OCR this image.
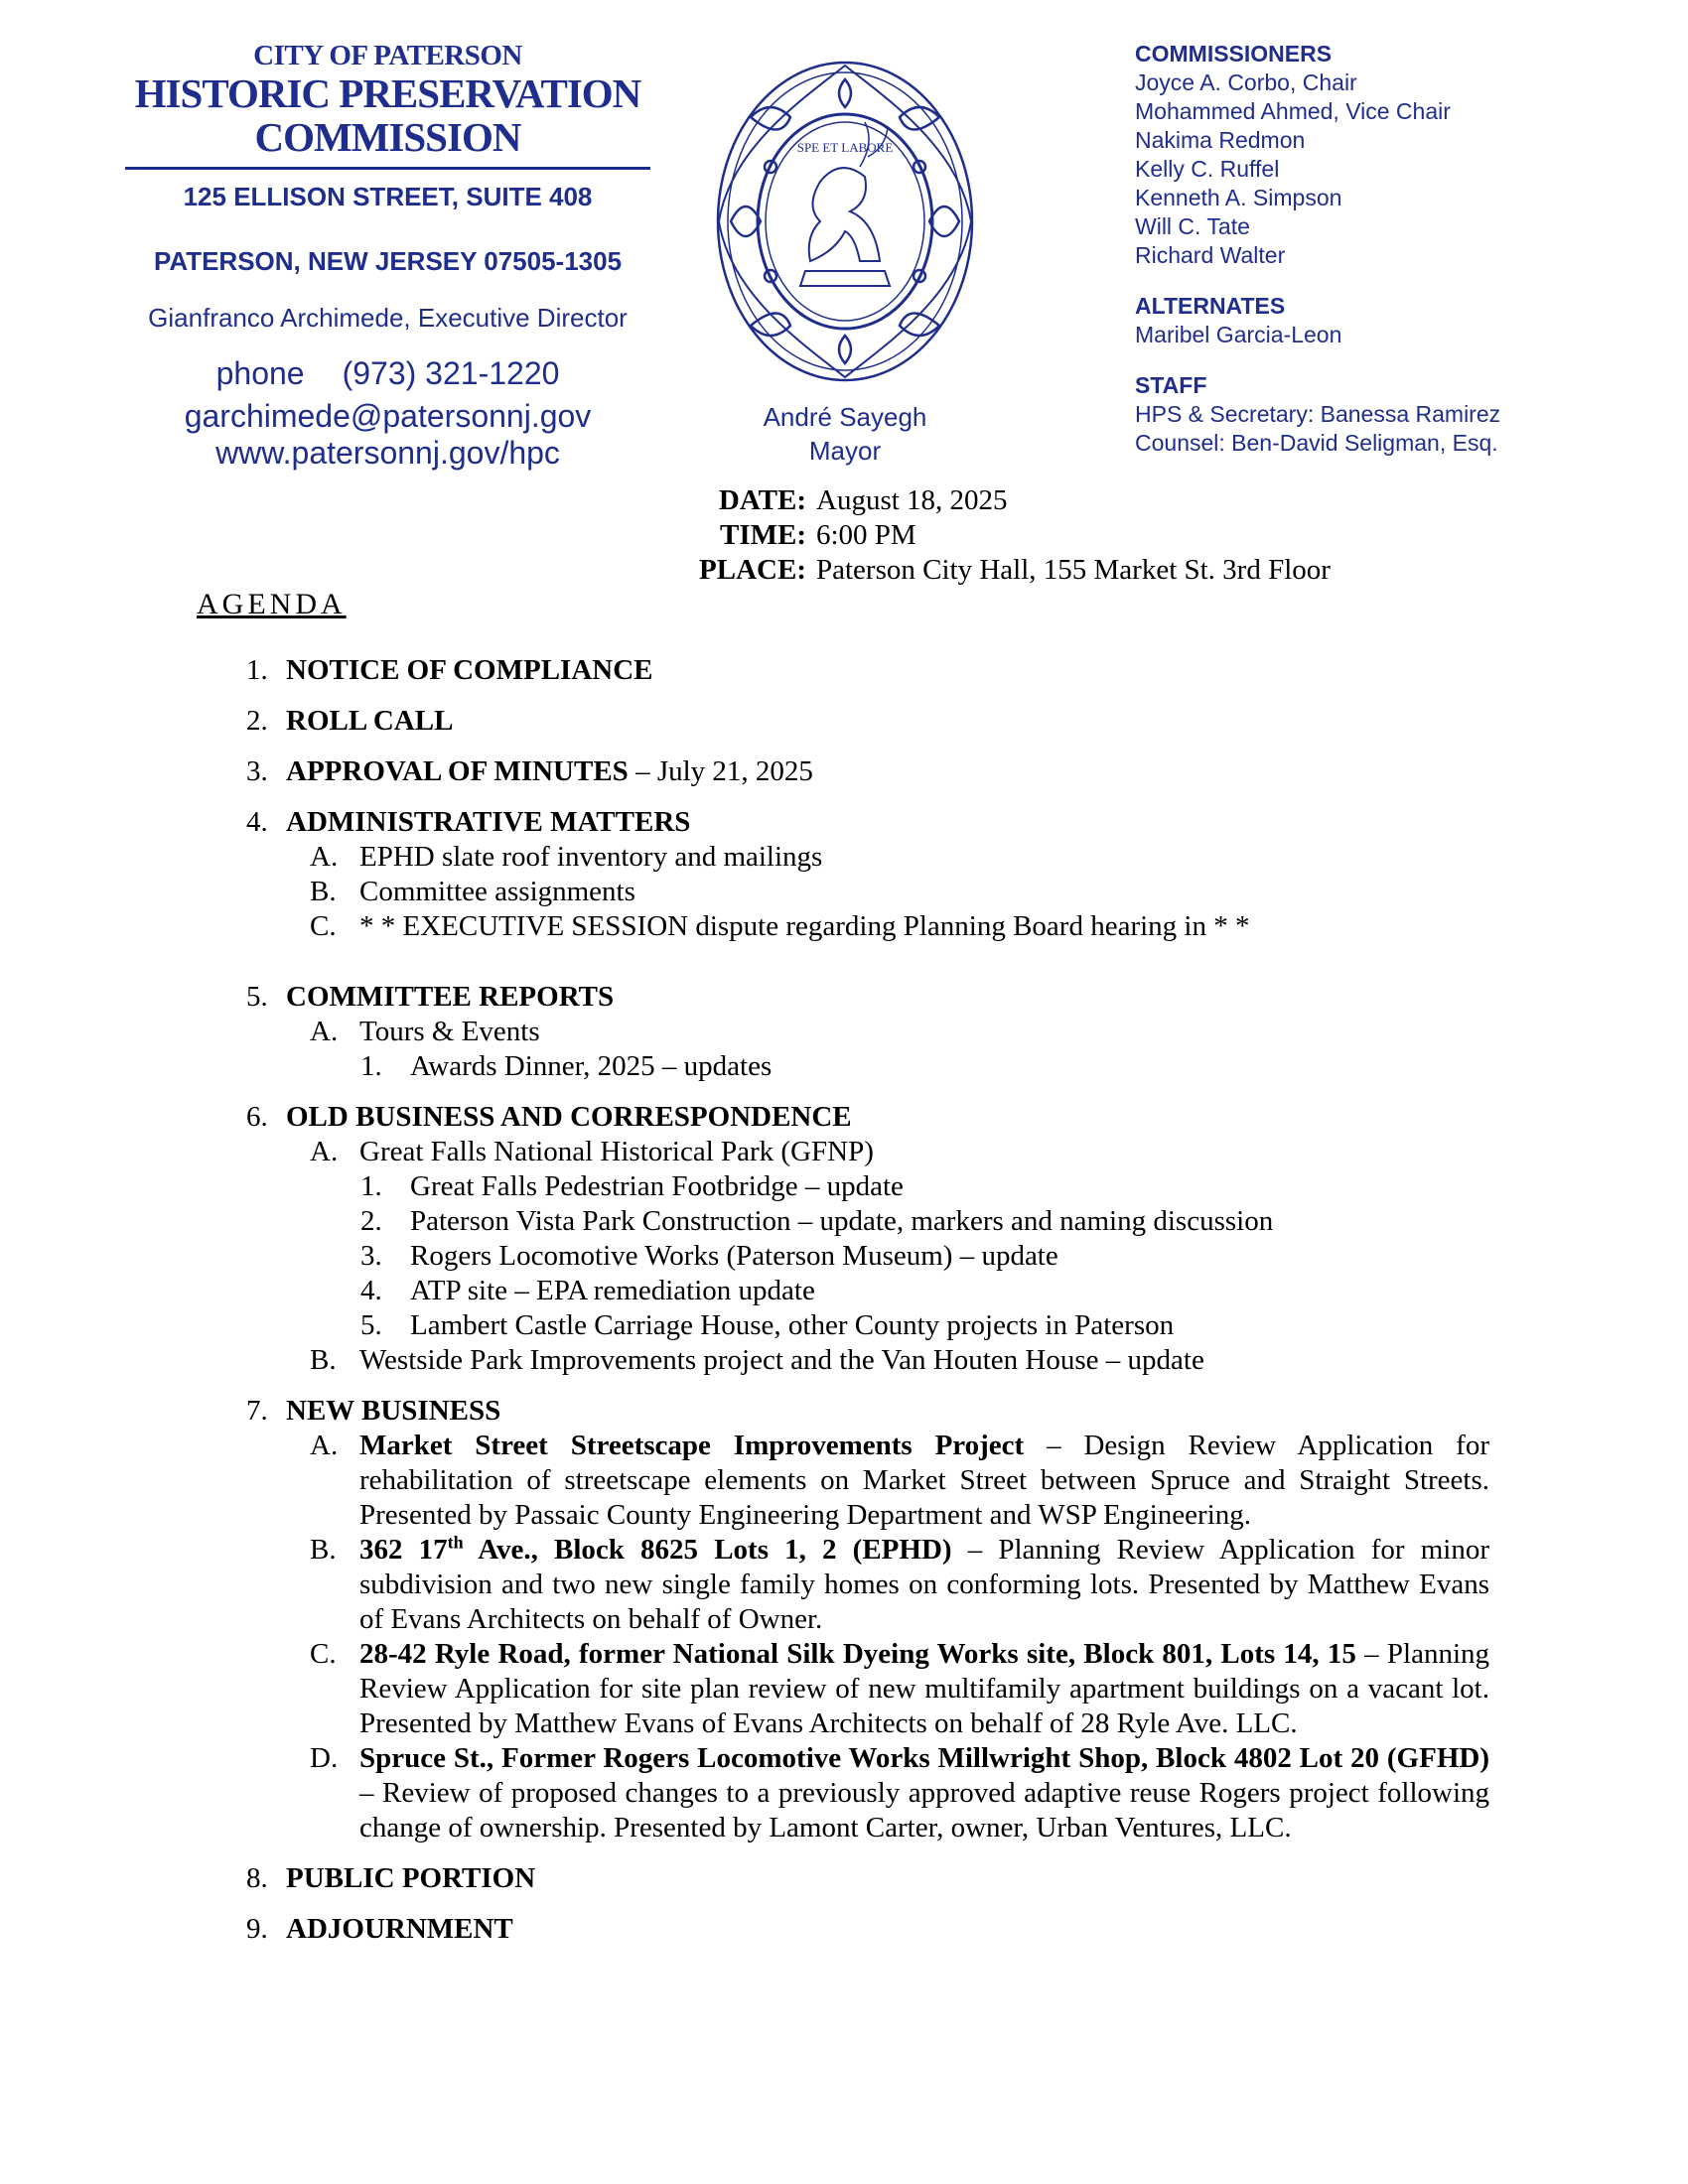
CITY OF PATERSON
HISTORIC PRESERVATION
COMMISSION
125 ELLISON STREET, SUITE 408
PATERSON, NEW JERSEY 07505-1305
Gianfranco Archimede, Executive Director
phone (973) 321-1220
garchimede@patersonnj.gov
www.patersonnj.gov/hpc
SPE ET LABORE
André Sayegh
Mayor
COMMISSIONERS
Joyce A. Corbo, Chair
Mohammed Ahmed, Vice Chair
Nakima Redmon
Kelly C. Ruffel
Kenneth A. Simpson
Will C. Tate
Richard Walter
ALTERNATES
Maribel Garcia-Leon
STAFF
HPS & Secretary: Banessa Ramirez
Counsel: Ben-David Seligman, Esq.
DATE: August 18, 2025
TIME: 6:00 PM
PLACE: Paterson City Hall, 155 Market St. 3rd Floor
AGENDA
1. NOTICE OF COMPLIANCE
2. ROLL CALL
3. APPROVAL OF MINUTES – July 21, 2025
4. ADMINISTRATIVE MATTERS
A. EPHD slate roof inventory and mailings
B. Committee assignments
C. * * EXECUTIVE SESSION dispute regarding Planning Board hearing in * *
5. COMMITTEE REPORTS
A. Tours & Events
1. Awards Dinner, 2025 – updates
6. OLD BUSINESS AND CORRESPONDENCE
A. Great Falls National Historical Park (GFNP)
1. Great Falls Pedestrian Footbridge – update
2. Paterson Vista Park Construction – update, markers and naming discussion
3. Rogers Locomotive Works (Paterson Museum) – update
4. ATP site – EPA remediation update
5. Lambert Castle Carriage House, other County projects in Paterson
B. Westside Park Improvements project and the Van Houten House – update
7. NEW BUSINESS
A. Market Street Streetscape Improvements Project – Design Review Application for rehabilitation of streetscape elements on Market Street between Spruce and Straight Streets. Presented by Passaic County Engineering Department and WSP Engineering.
B. 362 17th Ave., Block 8625 Lots 1, 2 (EPHD) – Planning Review Application for minor subdivision and two new single family homes on conforming lots. Presented by Matthew Evans of Evans Architects on behalf of Owner.
C. 28-42 Ryle Road, former National Silk Dyeing Works site, Block 801, Lots 14, 15 – Planning Review Application for site plan review of new multifamily apartment buildings on a vacant lot. Presented by Matthew Evans of Evans Architects on behalf of 28 Ryle Ave. LLC.
D. Spruce St., Former Rogers Locomotive Works Millwright Shop, Block 4802 Lot 20 (GFHD) – Review of proposed changes to a previously approved adaptive reuse Rogers project following change of ownership. Presented by Lamont Carter, owner, Urban Ventures, LLC.
8. PUBLIC PORTION
9. ADJOURNMENT
